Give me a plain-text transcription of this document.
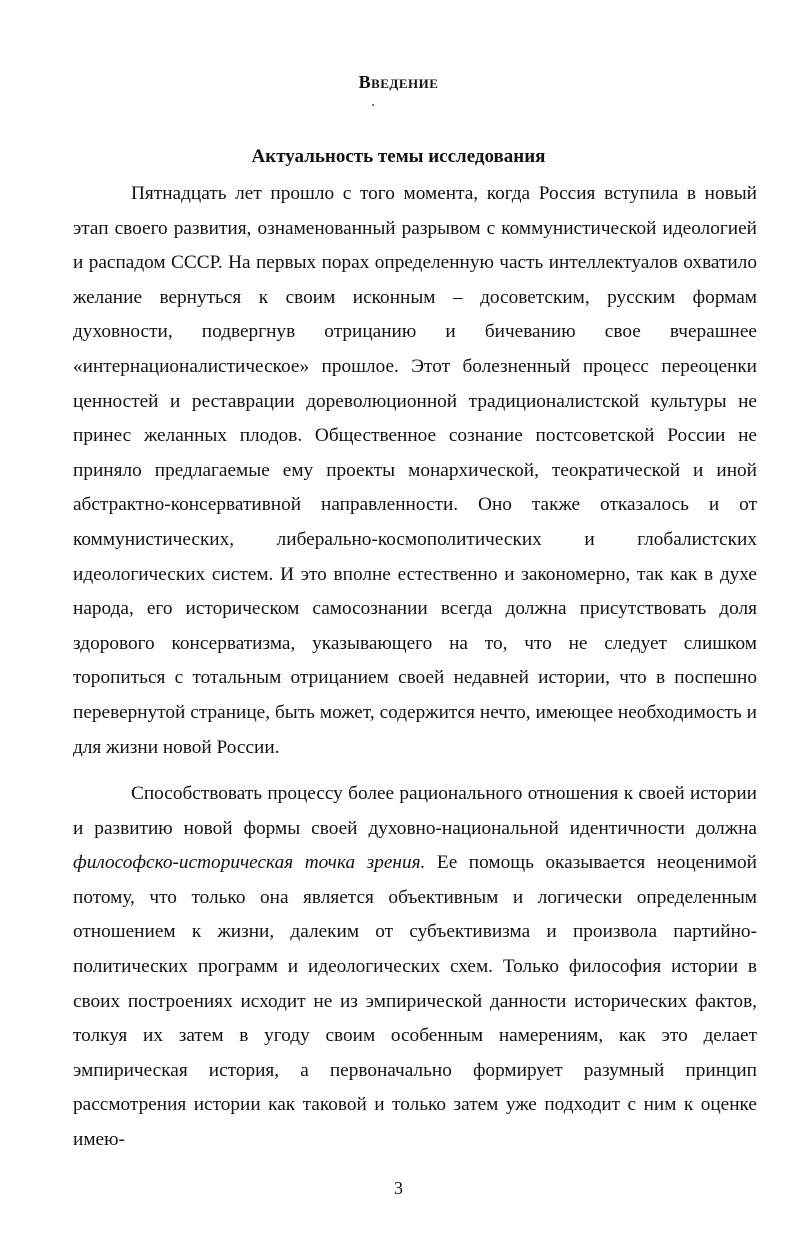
Введение
Актуальность темы исследования

Пятнадцать лет прошло с того момента, когда Россия вступила в новый этап своего развития, ознаменованный разрывом с коммунистической идеологией и распадом СССР. На первых порах определенную часть интеллектуалов охватило желание вернуться к своим исконным – досоветским, русским формам духовности, подвергнув отрицанию и бичеванию свое вчерашнее «интернационалистическое» прошлое. Этот болезненный процесс переоценки ценностей и реставрации дореволюционной традиционалистской культуры не принес желанных плодов. Общественное сознание постсоветской России не приняло предлагаемые ему проекты монархической, теократической и иной абстрактно-консервативной направленности. Оно также отказалось и от коммунистических, либерально-космополитических и глобалистских идеологических систем. И это вполне естественно и закономерно, так как в духе народа, его историческом самосознании всегда должна присутствовать доля здорового консерватизма, указывающего на то, что не следует слишком торопиться с тотальным отрицанием своей недавней истории, что в поспешно перевернутой странице, быть может, содержится нечто, имеющее необходимость и для жизни новой России.

Способствовать процессу более рационального отношения к своей истории и развитию новой формы своей духовно-национальной идентичности должна философско-историческая точка зрения. Ее помощь оказывается неоценимой потому, что только она является объективным и логически определенным отношением к жизни, далеким от субъективизма и произвола партийно-политических программ и идеологических схем. Только философия истории в своих построениях исходит не из эмпирической данности исторических фактов, толкуя их затем в угоду своим особенным намерениям, как это делает эмпирическая история, а первоначально формирует разумный принцип рассмотрения истории как таковой и только затем уже подходит с ним к оценке имею-

3
